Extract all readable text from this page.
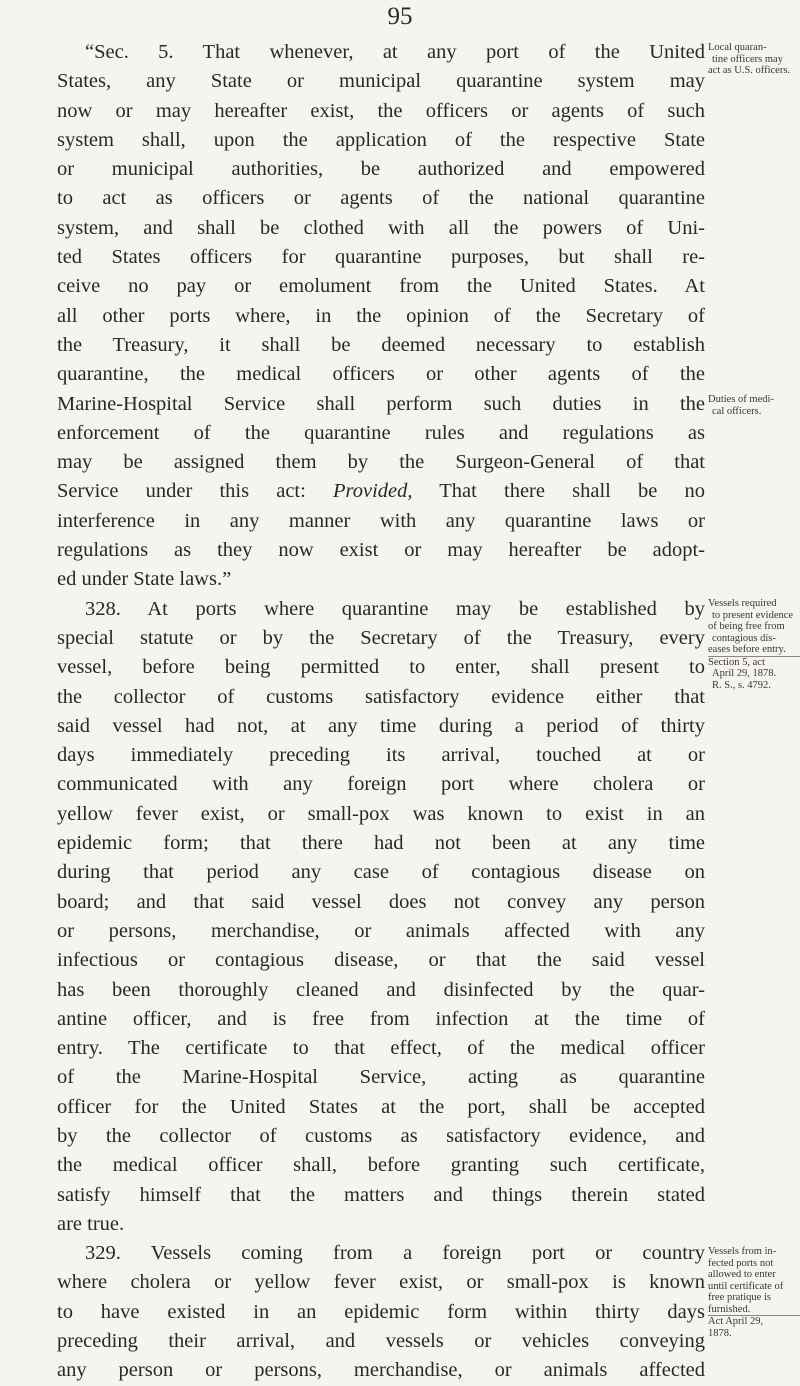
95
“Sec. 5. That whenever, at any port of the United
States, any State or municipal quarantine system may
now or may hereafter exist, the officers or agents of such
system shall, upon the application of the respective State
or municipal authorities, be authorized and empowered
to act as officers or agents of the national quarantine
system, and shall be clothed with all the powers of Uni-
ted States officers for quarantine purposes, but shall re-
ceive no pay or emolument from the United States. At
all other ports where, in the opinion of the Secretary of
the Treasury, it shall be deemed necessary to establish
quarantine, the medical officers or other agents of the
Marine-Hospital Service shall perform such duties in the
enforcement of the quarantine rules and regulations as
may be assigned them by the Surgeon-General of that
Service under this act: Provided, That there shall be no
interference in any manner with any quarantine laws or
regulations as they now exist or may hereafter be adopt-
ed under State laws.”
328. At ports where quarantine may be established by
special statute or by the Secretary of the Treasury, every
vessel, before being permitted to enter, shall present to
the collector of customs satisfactory evidence either that
said vessel had not, at any time during a period of thirty
days immediately preceding its arrival, touched at or
communicated with any foreign port where cholera or
yellow fever exist, or small-pox was known to exist in an
epidemic form; that there had not been at any time
during that period any case of contagious disease on
board; and that said vessel does not convey any person
or persons, merchandise, or animals affected with any
infectious or contagious disease, or that the said vessel
has been thoroughly cleaned and disinfected by the quar-
antine officer, and is free from infection at the time of
entry. The certificate to that effect, of the medical officer
of the Marine-Hospital Service, acting as quarantine
officer for the United States at the port, shall be accepted
by the collector of customs as satisfactory evidence, and
the medical officer shall, before granting such certificate,
satisfy himself that the matters and things therein stated
are true.
329. Vessels coming from a foreign port or country
where cholera or yellow fever exist, or small-pox is known
to have existed in an epidemic form within thirty days
preceding their arrival, and vessels or vehicles conveying
any person or persons, merchandise, or animals affected
Local quaran-
tine officers may
act as U.S. officers.
Duties of medi-
cal officers.
Vessels required
to present evidence
of being free from
contagious dis-
eases before entry.
Section 5, act
April 29, 1878.
R. S., s. 4792.
Vessels from in-
fected ports not
allowed to enter
until certificate of
free pratique is
furnished.
Act April 29,
1878.
